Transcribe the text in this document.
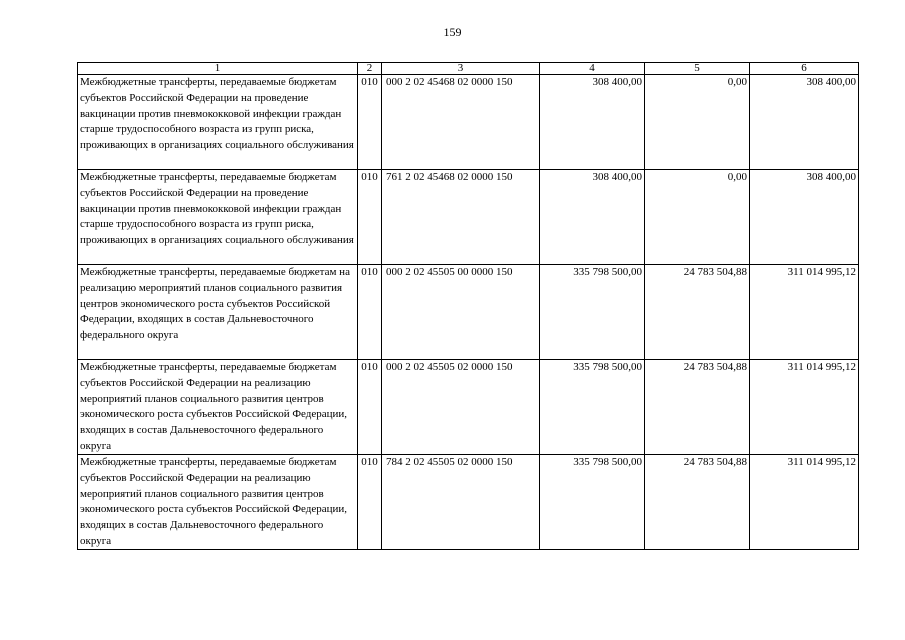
159
1	2	3	4	5	6

Межбюджетные трансферты, передаваемые бюджетам субъектов Российской Федерации на проведение вакцинации против пневмококковой инфекции граждан старше трудоспособного возраста из групп риска, проживающих в организациях социального обслуживания	010	000 2 02 45468 02 0000 150	308 400,00	0,00	308 400,00

Межбюджетные трансферты, передаваемые бюджетам субъектов Российской Федерации на проведение вакцинации против пневмококковой инфекции граждан старше трудоспособного возраста из групп риска, проживающих в организациях социального обслуживания	010	761 2 02 45468 02 0000 150	308 400,00	0,00	308 400,00

Межбюджетные трансферты, передаваемые бюджетам на реализацию мероприятий планов социального развития центров экономического роста субъектов Российской Федерации, входящих в состав Дальневосточного федерального округа	010	000 2 02 45505 00 0000 150	335 798 500,00	24 783 504,88	311 014 995,12

Межбюджетные трансферты, передаваемые бюджетам субъектов Российской Федерации на реализацию мероприятий планов социального развития центров экономического роста субъектов Российской Федерации, входящих в состав Дальневосточного федерального округа	010	000 2 02 45505 02 0000 150	335 798 500,00	24 783 504,88	311 014 995,12

Межбюджетные трансферты, передаваемые бюджетам субъектов Российской Федерации на реализацию мероприятий планов социального развития центров экономического роста субъектов Российской Федерации, входящих в состав Дальневосточного федерального округа	010	784 2 02 45505 02 0000 150	335 798 500,00	24 783 504,88	311 014 995,12
